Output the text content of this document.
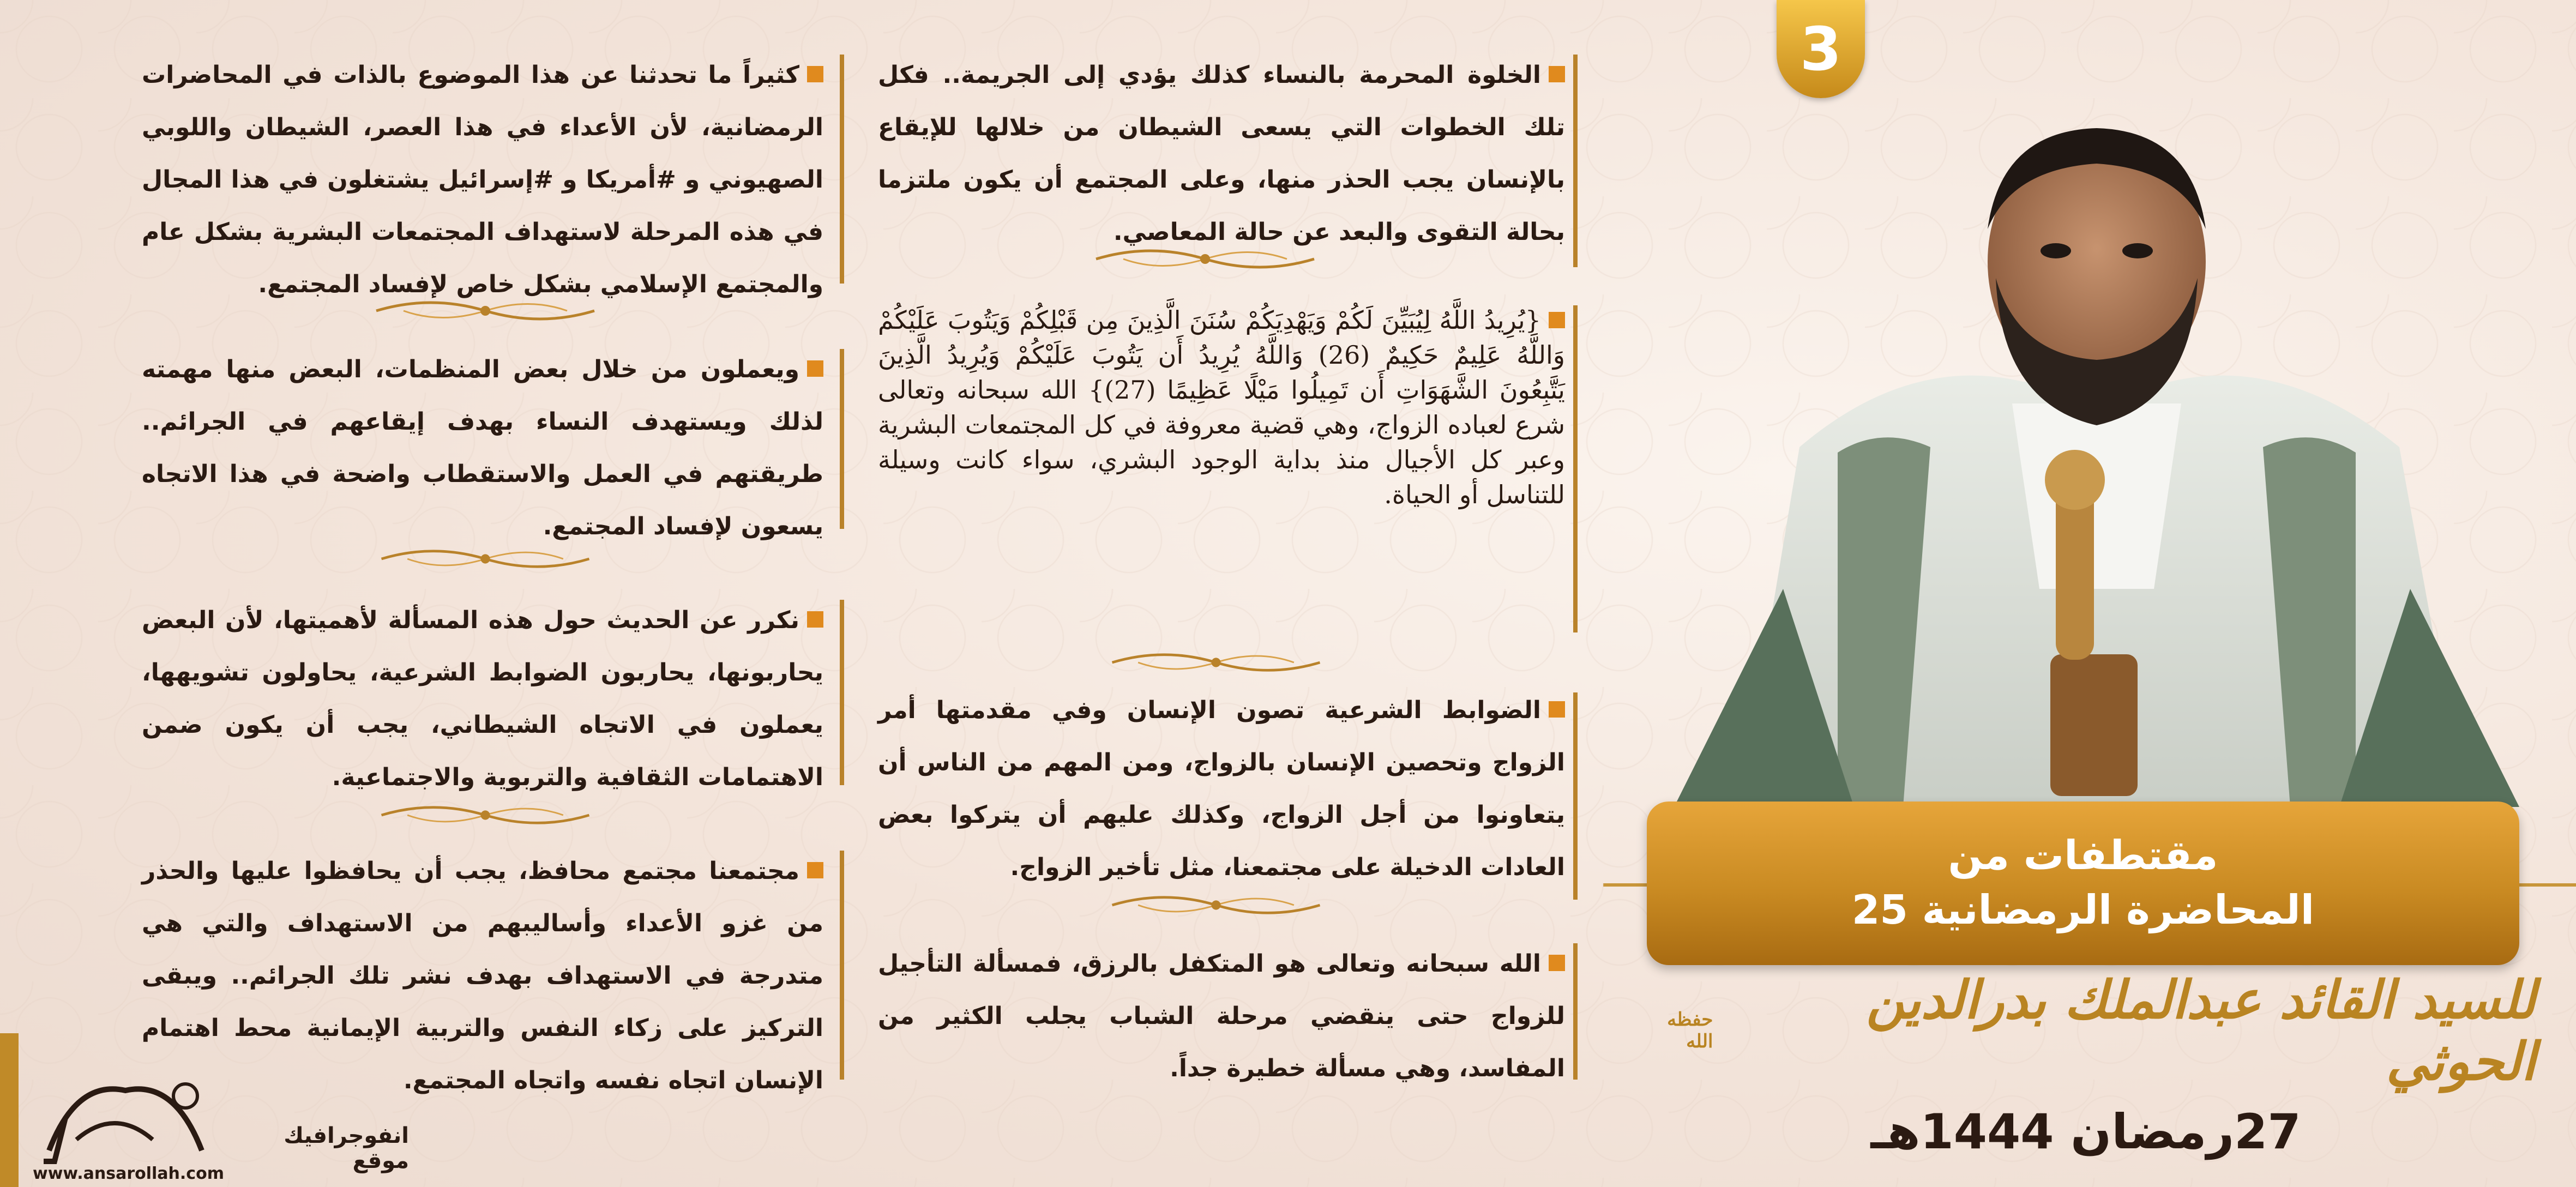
3
مقتطفات من
المحاضرة الرمضانية 25
للسيد القائد عبدالملك بدرالدين الحوثي
حفظه الله
27رمضان 1444هـ
الخلوة المحرمة بالنساء كذلك يؤدي إلى الجريمة.. فكل تلك الخطوات التي يسعى الشيطان من خلالها للإيقاع بالإنسان يجب الحذر منها، وعلى المجتمع أن يكون ملتزما بحالة التقوى والبعد عن حالة المعاصي.
{يُرِيدُ اللَّهُ لِيُبَيِّنَ لَكُمْ وَيَهْدِيَكُمْ سُنَنَ الَّذِينَ مِن قَبْلِكُمْ وَيَتُوبَ عَلَيْكُمْ وَاللَّهُ عَلِيمٌ حَكِيمٌ (26) وَاللَّهُ يُرِيدُ أَن يَتُوبَ عَلَيْكُمْ وَيُرِيدُ الَّذِينَ يَتَّبِعُونَ الشَّهَوَاتِ أَن تَمِيلُوا مَيْلًا عَظِيمًا (27)} الله سبحانه وتعالى شرع لعباده الزواج، وهي قضية معروفة في كل المجتمعات البشرية وعبر كل الأجيال منذ بداية الوجود البشري، سواء كانت وسيلة للتناسل أو الحياة.
الضوابط الشرعية تصون الإنسان وفي مقدمتها أمر الزواج وتحصين الإنسان بالزواج، ومن المهم من الناس أن يتعاونوا من أجل الزواج، وكذلك عليهم أن يتركوا بعض العادات الدخيلة على مجتمعنا، مثل تأخير الزواج.
الله سبحانه وتعالى هو المتكفل بالرزق، فمسألة التأجيل للزواج حتى ينقضي مرحلة الشباب يجلب الكثير من المفاسد، وهي مسألة خطيرة جداً.
كثيراً ما تحدثنا عن هذا الموضوع بالذات في المحاضرات الرمضانية، لأن الأعداء في هذا العصر، الشيطان واللوبي الصهيوني و #أمريكا و #إسرائيل يشتغلون في هذا المجال في هذه المرحلة لاستهداف المجتمعات البشرية بشكل عام والمجتمع الإسلامي بشكل خاص لإفساد المجتمع.
ويعملون من خلال بعض المنظمات، البعض منها مهمته لذلك ويستهدف النساء بهدف إيقاعهم في الجرائم.. طريقتهم في العمل والاستقطاب واضحة في هذا الاتجاه يسعون لإفساد المجتمع.
نكرر عن الحديث حول هذه المسألة لأهميتها، لأن البعض يحاربونها، يحاربون الضوابط الشرعية، يحاولون تشويهها، يعملون في الاتجاه الشيطاني، يجب أن يكون ضمن الاهتمامات الثقافية والتربوية والاجتماعية.
مجتمعنا مجتمع محافظ، يجب أن يحافظوا عليها والحذر من غزو الأعداء وأساليبهم من الاستهداف والتي هي متدرجة في الاستهداف بهدف نشر تلك الجرائم.. ويبقى التركيز على زكاء النفس والتربية الإيمانية محط اهتمام الإنسان اتجاه نفسه واتجاه المجتمع.
انفوجرافيك موقع
www.ansarollah.com
